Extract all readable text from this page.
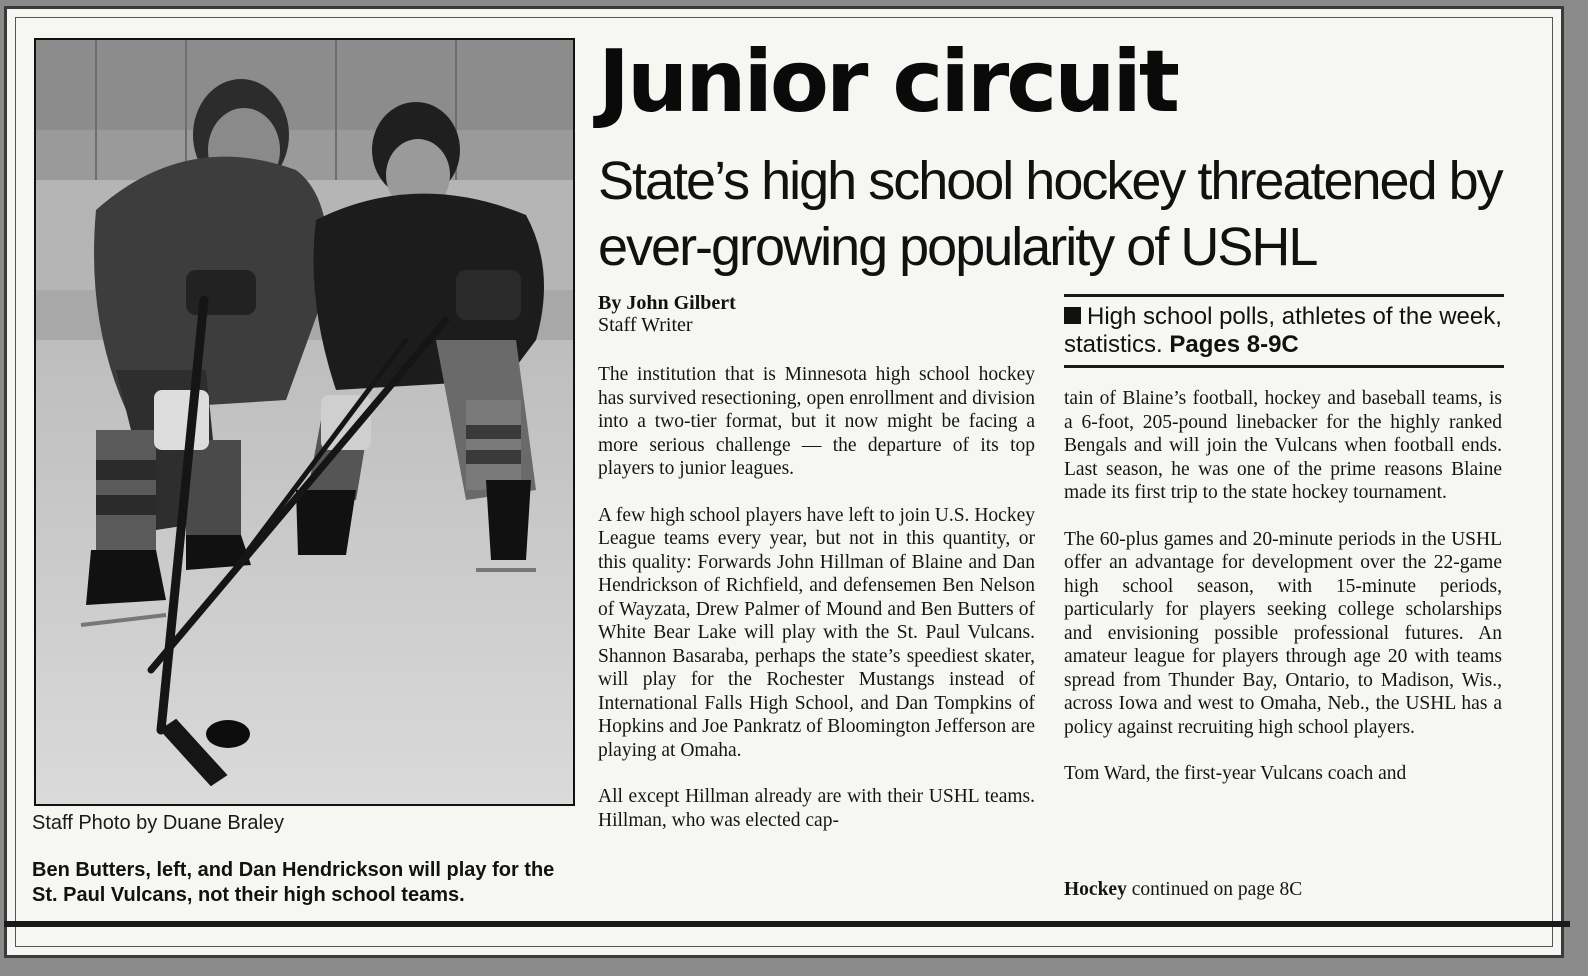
Staff Photo by Duane Braley
Ben Butters, left, and Dan Hendrickson will play for the St. Paul Vulcans, not their high school teams.
Junior circuit
State’s high school hockey threatened by ever-growing popularity of USHL
By John Gilbert
Staff Writer	High school polls, athletes of the week, statistics. Pages 8-9C

The institution that is Minnesota high school hockey has survived resectioning, open enrollment and division into a two-tier format, but it now might be facing a more serious challenge — the departure of its top players to junior leagues.

A few high school players have left to join U.S. Hockey League teams every year, but not in this quantity, or this quality: Forwards John Hillman of Blaine and Dan Hendrickson of Richfield, and defensemen Ben Nelson of Wayzata, Drew Palmer of Mound and Ben Butters of White Bear Lake will play with the St. Paul Vulcans. Shannon Basaraba, perhaps the state’s speediest skater, will play for the Rochester Mustangs instead of International Falls High School, and Dan Tompkins of Hopkins and Joe Pankratz of Bloomington Jefferson are playing at Omaha.

All except Hillman already are with their USHL teams. Hillman, who was elected cap-

tain of Blaine’s football, hockey and baseball teams, is a 6-foot, 205-pound linebacker for the highly ranked Bengals and will join the Vulcans when football ends. Last season, he was one of the prime reasons Blaine made its first trip to the state hockey tournament.

The 60-plus games and 20-minute periods in the USHL offer an advantage for development over the 22-game high school season, with 15-minute periods, particularly for players seeking college scholarships and envisioning possible professional futures. An amateur league for players through age 20 with teams spread from Thunder Bay, Ontario, to Madison, Wis., across Iowa and west to Omaha, Neb., the USHL has a policy against recruiting high school players.

Tom Ward, the first-year Vulcans coach and

Hockey continued on page 8C
